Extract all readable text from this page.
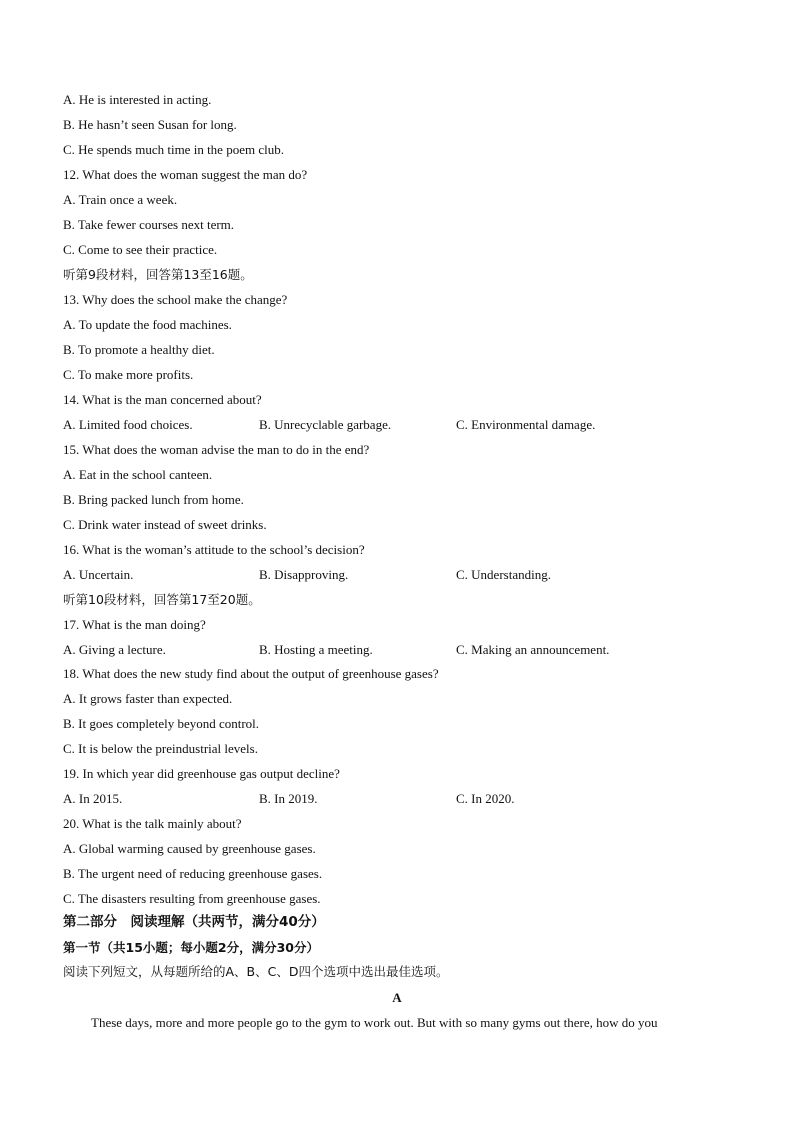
A. He is interested in acting.
B. He hasn’t seen Susan for long.
C. He spends much time in the poem club.
12. What does the woman suggest the man do?
A. Train once a week.
B. Take fewer courses next term.
C. Come to see their practice.
听第9段材料，回答第13至16题。
13. Why does the school make the change?
A. To update the food machines.
B. To promote a healthy diet.
C. To make more profits.
14. What is the man concerned about?
A. Limited food choices.	B. Unrecyclable garbage.	C. Environmental damage.
15. What does the woman advise the man to do in the end?
A. Eat in the school canteen.
B. Bring packed lunch from home.
C. Drink water instead of sweet drinks.
16. What is the woman’s attitude to the school’s decision?
A. Uncertain.	B. Disapproving.	C. Understanding.
听第10段材料，回答第17至20题。
17. What is the man doing?
A. Giving a lecture.	B. Hosting a meeting.	C. Making an announcement.
18. What does the new study find about the output of greenhouse gases?
A. It grows faster than expected.
B. It goes completely beyond control.
C. It is below the preindustrial levels.
19. In which year did greenhouse gas output decline?
A. In 2015.	B. In 2019.	C. In 2020.
20. What is the talk mainly about?
A. Global warming caused by greenhouse gases.
B. The urgent need of reducing greenhouse gases.
C. The disasters resulting from greenhouse gases.
第二部分　阅读理解（共两节，满分40分）
第一节（共15小题；每小题2分，满分30分）
阅读下列短文，从每题所给的A、B、C、D四个选项中选出最佳选项。
A
These days, more and more people go to the gym to work out. But with so many gyms out there, how do you
